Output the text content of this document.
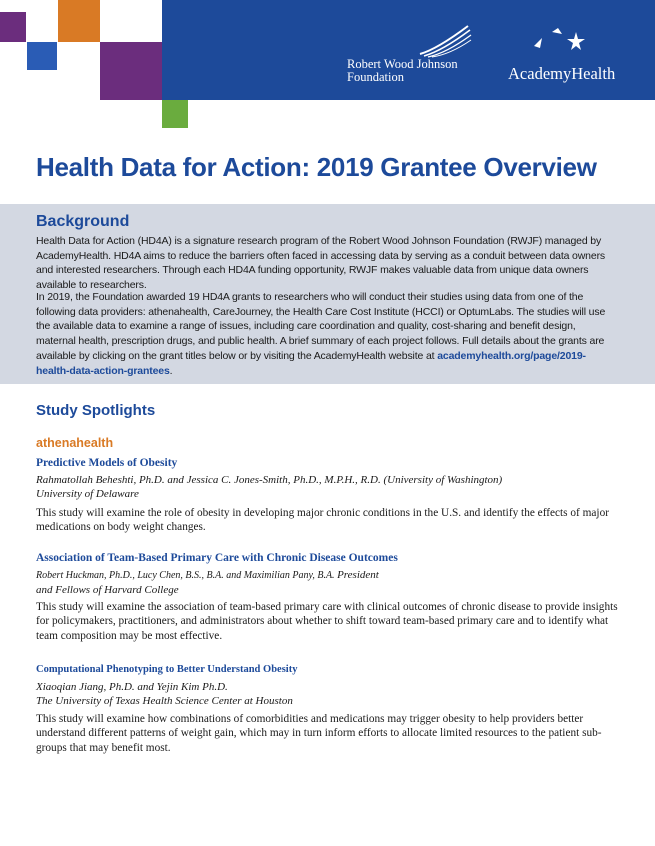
Robert Wood Johnson
Foundation	AcademyHealth
Health Data for Action: 2019 Grantee Overview
Background

Health Data for Action (HD4A) is a signature research program of the Robert Wood Johnson Foundation (RWJF) managed by AcademyHealth. HD4A aims to reduce the barriers often faced in accessing data by serving as a conduit between data owners and interested researchers. Through each HD4A funding opportunity, RWJF makes valuable data from unique data owners available to researchers.

In 2019, the Foundation awarded 19 HD4A grants to researchers who will conduct their studies using data from one of the following data providers: athenahealth, CareJourney, the Health Care Cost Institute (HCCI) or OptumLabs. The studies will use the available data to examine a range of issues, including care coordination and quality, cost-sharing and benefit design, maternal health, prescription drugs, and public health. A brief summary of each project follows. Full details about the grants are available by clicking on the grant titles below or by visiting the AcademyHealth website at academyhealth.org/page/2019-health-data-action-grantees.

Study Spotlights
athenahealth
Predictive Models of Obesity

Rahmatollah Beheshti, Ph.D. and Jessica C. Jones-Smith, Ph.D., M.P.H., R.D. (University of Washington)

University of Delaware

This study will examine the role of obesity in developing major chronic conditions in the U.S. and identify the effects of major medications on body weight changes.

Association of Team-Based Primary Care with Chronic Disease Outcomes

Robert Huckman, Ph.D., Lucy Chen, B.S., B.A. and Maximilian Pany, B.A. President

and Fellows of Harvard College

This study will examine the association of team-based primary care with clinical outcomes of chronic disease to provide insights for policymakers, practitioners, and administrators about whether to shift toward team-based primary care and to identify what team composition may be most effective.

Computational Phenotyping to Better Understand Obesity

Xiaoqian Jiang, Ph.D. and Yejin Kim Ph.D.

The University of Texas Health Science Center at Houston

This study will examine how combinations of comorbidities and medications may trigger obesity to help providers better understand different patterns of weight gain, which may in turn inform efforts to allocate limited resources to the patient sub-groups that may benefit most.
